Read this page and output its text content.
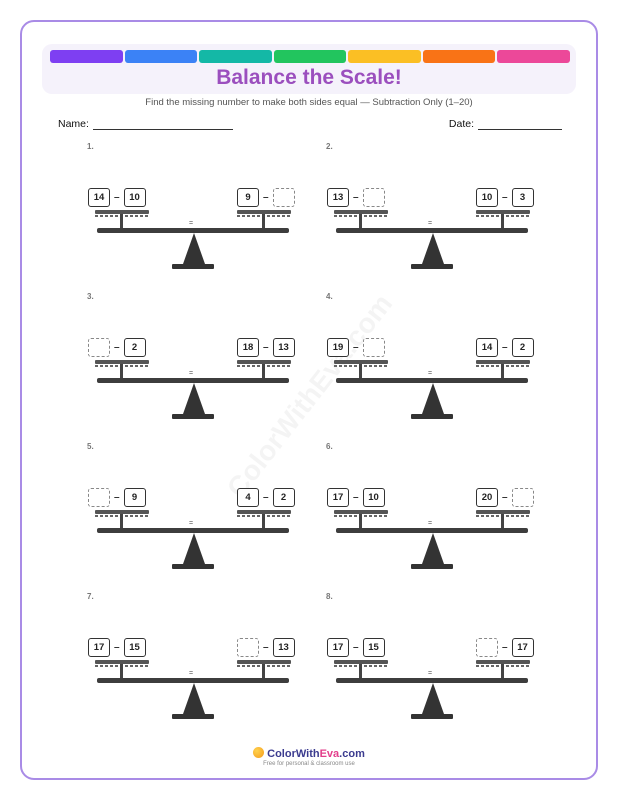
Balance the Scale!
Find the missing number to make both sides equal — Subtraction Only (1–20)
Name:	Date:
1.
14 –	10	9	–
=
2.
13 –	10 –	3
=
3.
–	2	18 –	13
=
4.
19 –	14 –	2
=
5.
–	9	4	–	2
=
6.
17 –	10	20 –
=
7.
17 –	15	–	13
=
8.
17 –	15	–	17
=
ColorWithEva.com
Free for personal & classroom use
